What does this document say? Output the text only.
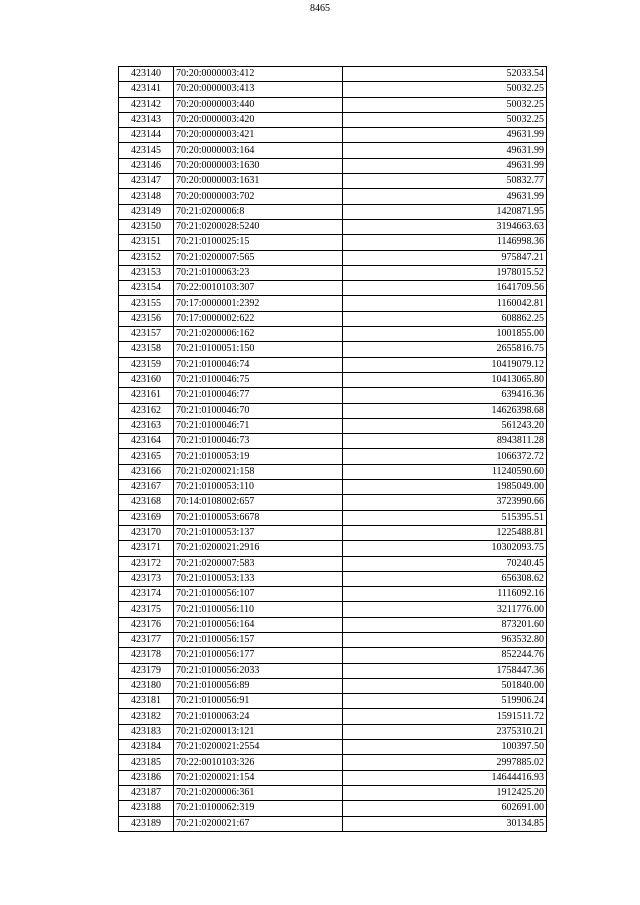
8465
423140	70:20:0000003:412	52033.54
423141	70:20:0000003:413	50032.25
423142	70:20:0000003:440	50032.25
423143	70:20:0000003:420	50032.25
423144	70:20:0000003:421	49631.99
423145	70:20:0000003:164	49631.99
423146	70:20:0000003:1630	49631.99
423147	70:20:0000003:1631	50832.77
423148	70:20:0000003:702	49631.99
423149	70:21:0200006:8	1420871.95
423150	70:21:0200028:5240	3194663.63
423151	70:21:0100025:15	1146998.36
423152	70:21:0200007:565	975847.21
423153	70:21:0100063:23	1978015.52
423154	70:22:0010103:307	1641709.56
423155	70:17:0000001:2392	1160042.81
423156	70:17:0000002:622	608862.25
423157	70:21:0200006:162	1001855.00
423158	70:21:0100051:150	2655816.75
423159	70:21:0100046:74	10419079.12
423160	70:21:0100046:75	10413065.80
423161	70:21:0100046:77	639416.36
423162	70:21:0100046:70	14626398.68
423163	70:21:0100046:71	561243.20
423164	70:21:0100046:73	8943811.28
423165	70:21:0100053:19	1066372.72
423166	70:21:0200021:158	11240590.60
423167	70:21:0100053:110	1985049.00
423168	70:14:0108002:657	3723990.66
423169	70:21:0100053:6678	515395.51
423170	70:21:0100053:137	1225488.81
423171	70:21:0200021:2916	10302093.75
423172	70:21:0200007:583	70240.45
423173	70:21:0100053:133	656308.62
423174	70:21:0100056:107	1116092.16
423175	70:21:0100056:110	3211776.00
423176	70:21:0100056:164	873201.60
423177	70:21:0100056:157	963532.80
423178	70:21:0100056:177	852244.76
423179	70:21:0100056:2033	1758447.36
423180	70:21:0100056:89	501840.00
423181	70:21:0100056:91	519906.24
423182	70:21:0100063:24	1591511.72
423183	70:21:0200013:121	2375310.21
423184	70:21:0200021:2554	100397.50
423185	70:22:0010103:326	2997885.02
423186	70:21:0200021:154	14644416.93
423187	70:21:0200006:361	1912425.20
423188	70:21:0100062:319	602691.00
423189	70:21:0200021:67	30134.85
